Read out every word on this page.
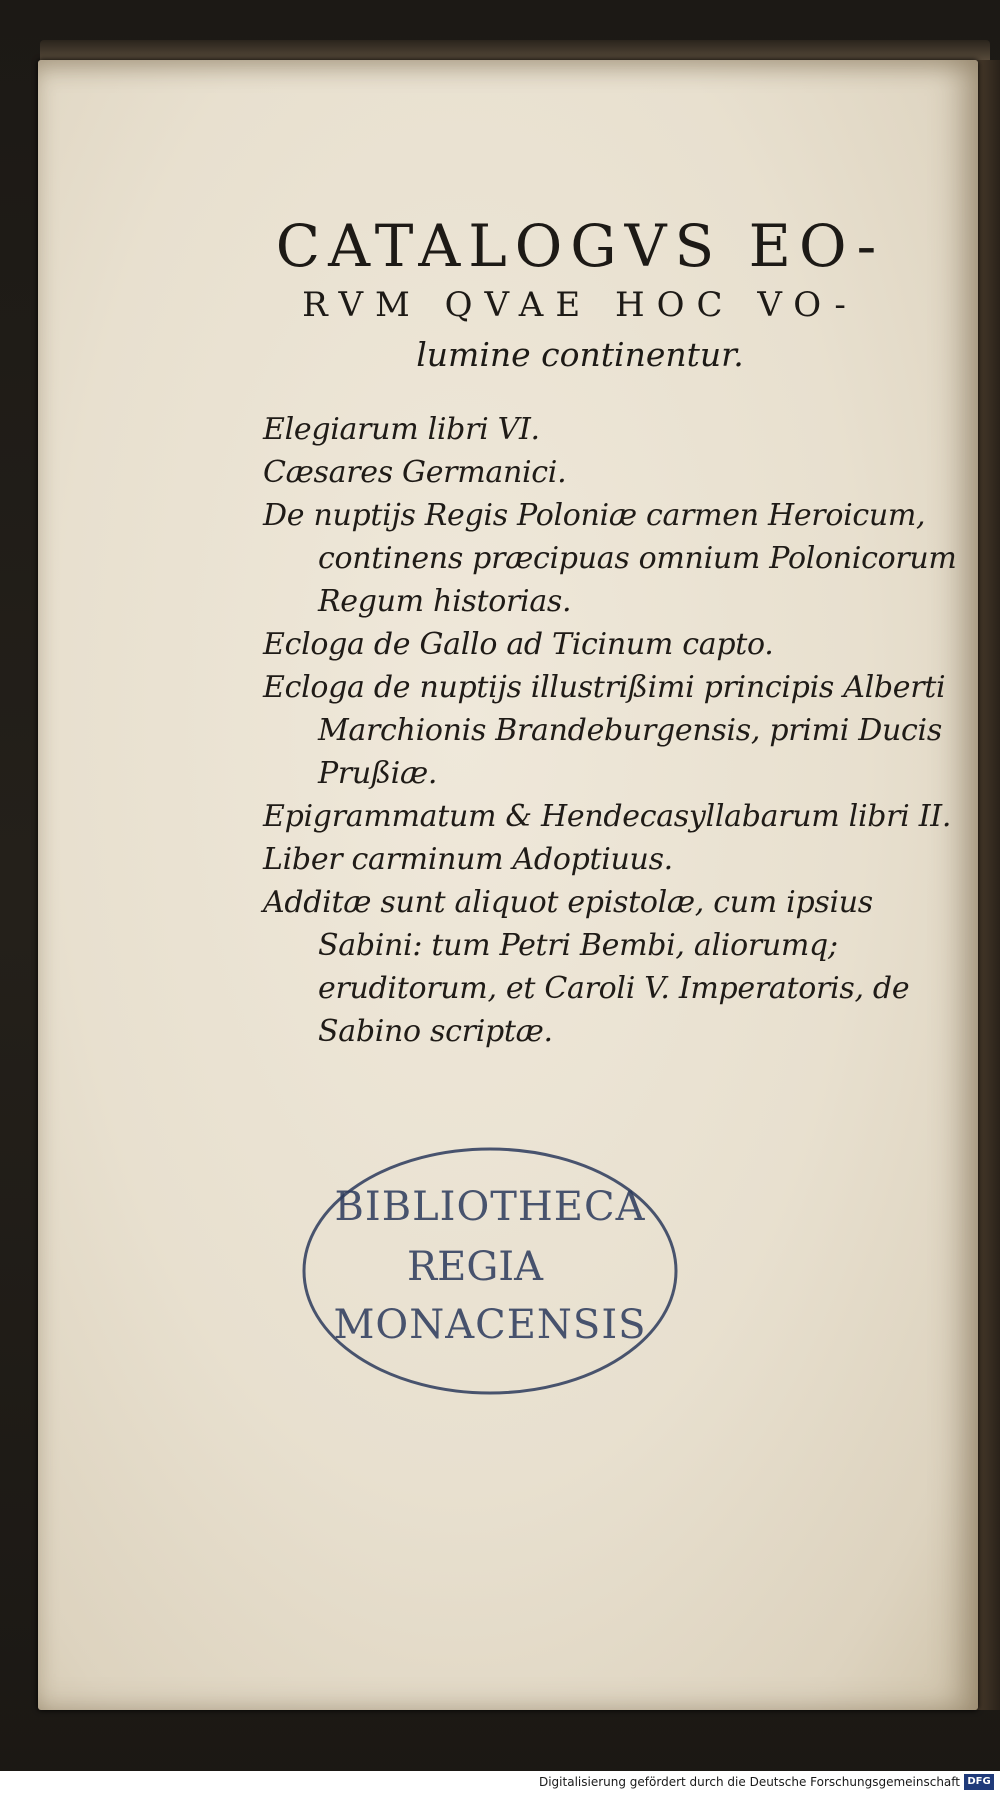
CATALOGVS EO-
RVM QVAE HOC VO-
lumine continentur.

Elegiarum libri VI.

Cæsares Germanici.

De nuptijs Regis Poloniæ carmen Heroicum, continens præcipuas omnium Polonicorum Regum historias.

Ecloga de Gallo ad Ticinum capto.

Ecloga de nuptijs illustrißimi principis Alberti Marchionis Brandeburgensis, primi Ducis Prußiæ.

Epigrammatum & Hendecasyllabarum libri II.

Liber carminum Adoptiuus.

Additæ sunt aliquot epistolæ, cum ipsius Sabini: tum Petri Bembi, aliorumq; eruditorum, et Caroli V. Imperatoris, de Sabino scriptæ.

BIBLIOTHECA
REGIA
MONACENSIS
Digitalisierung gefördert durch die Deutsche Forschungsgemeinschaft DFG
